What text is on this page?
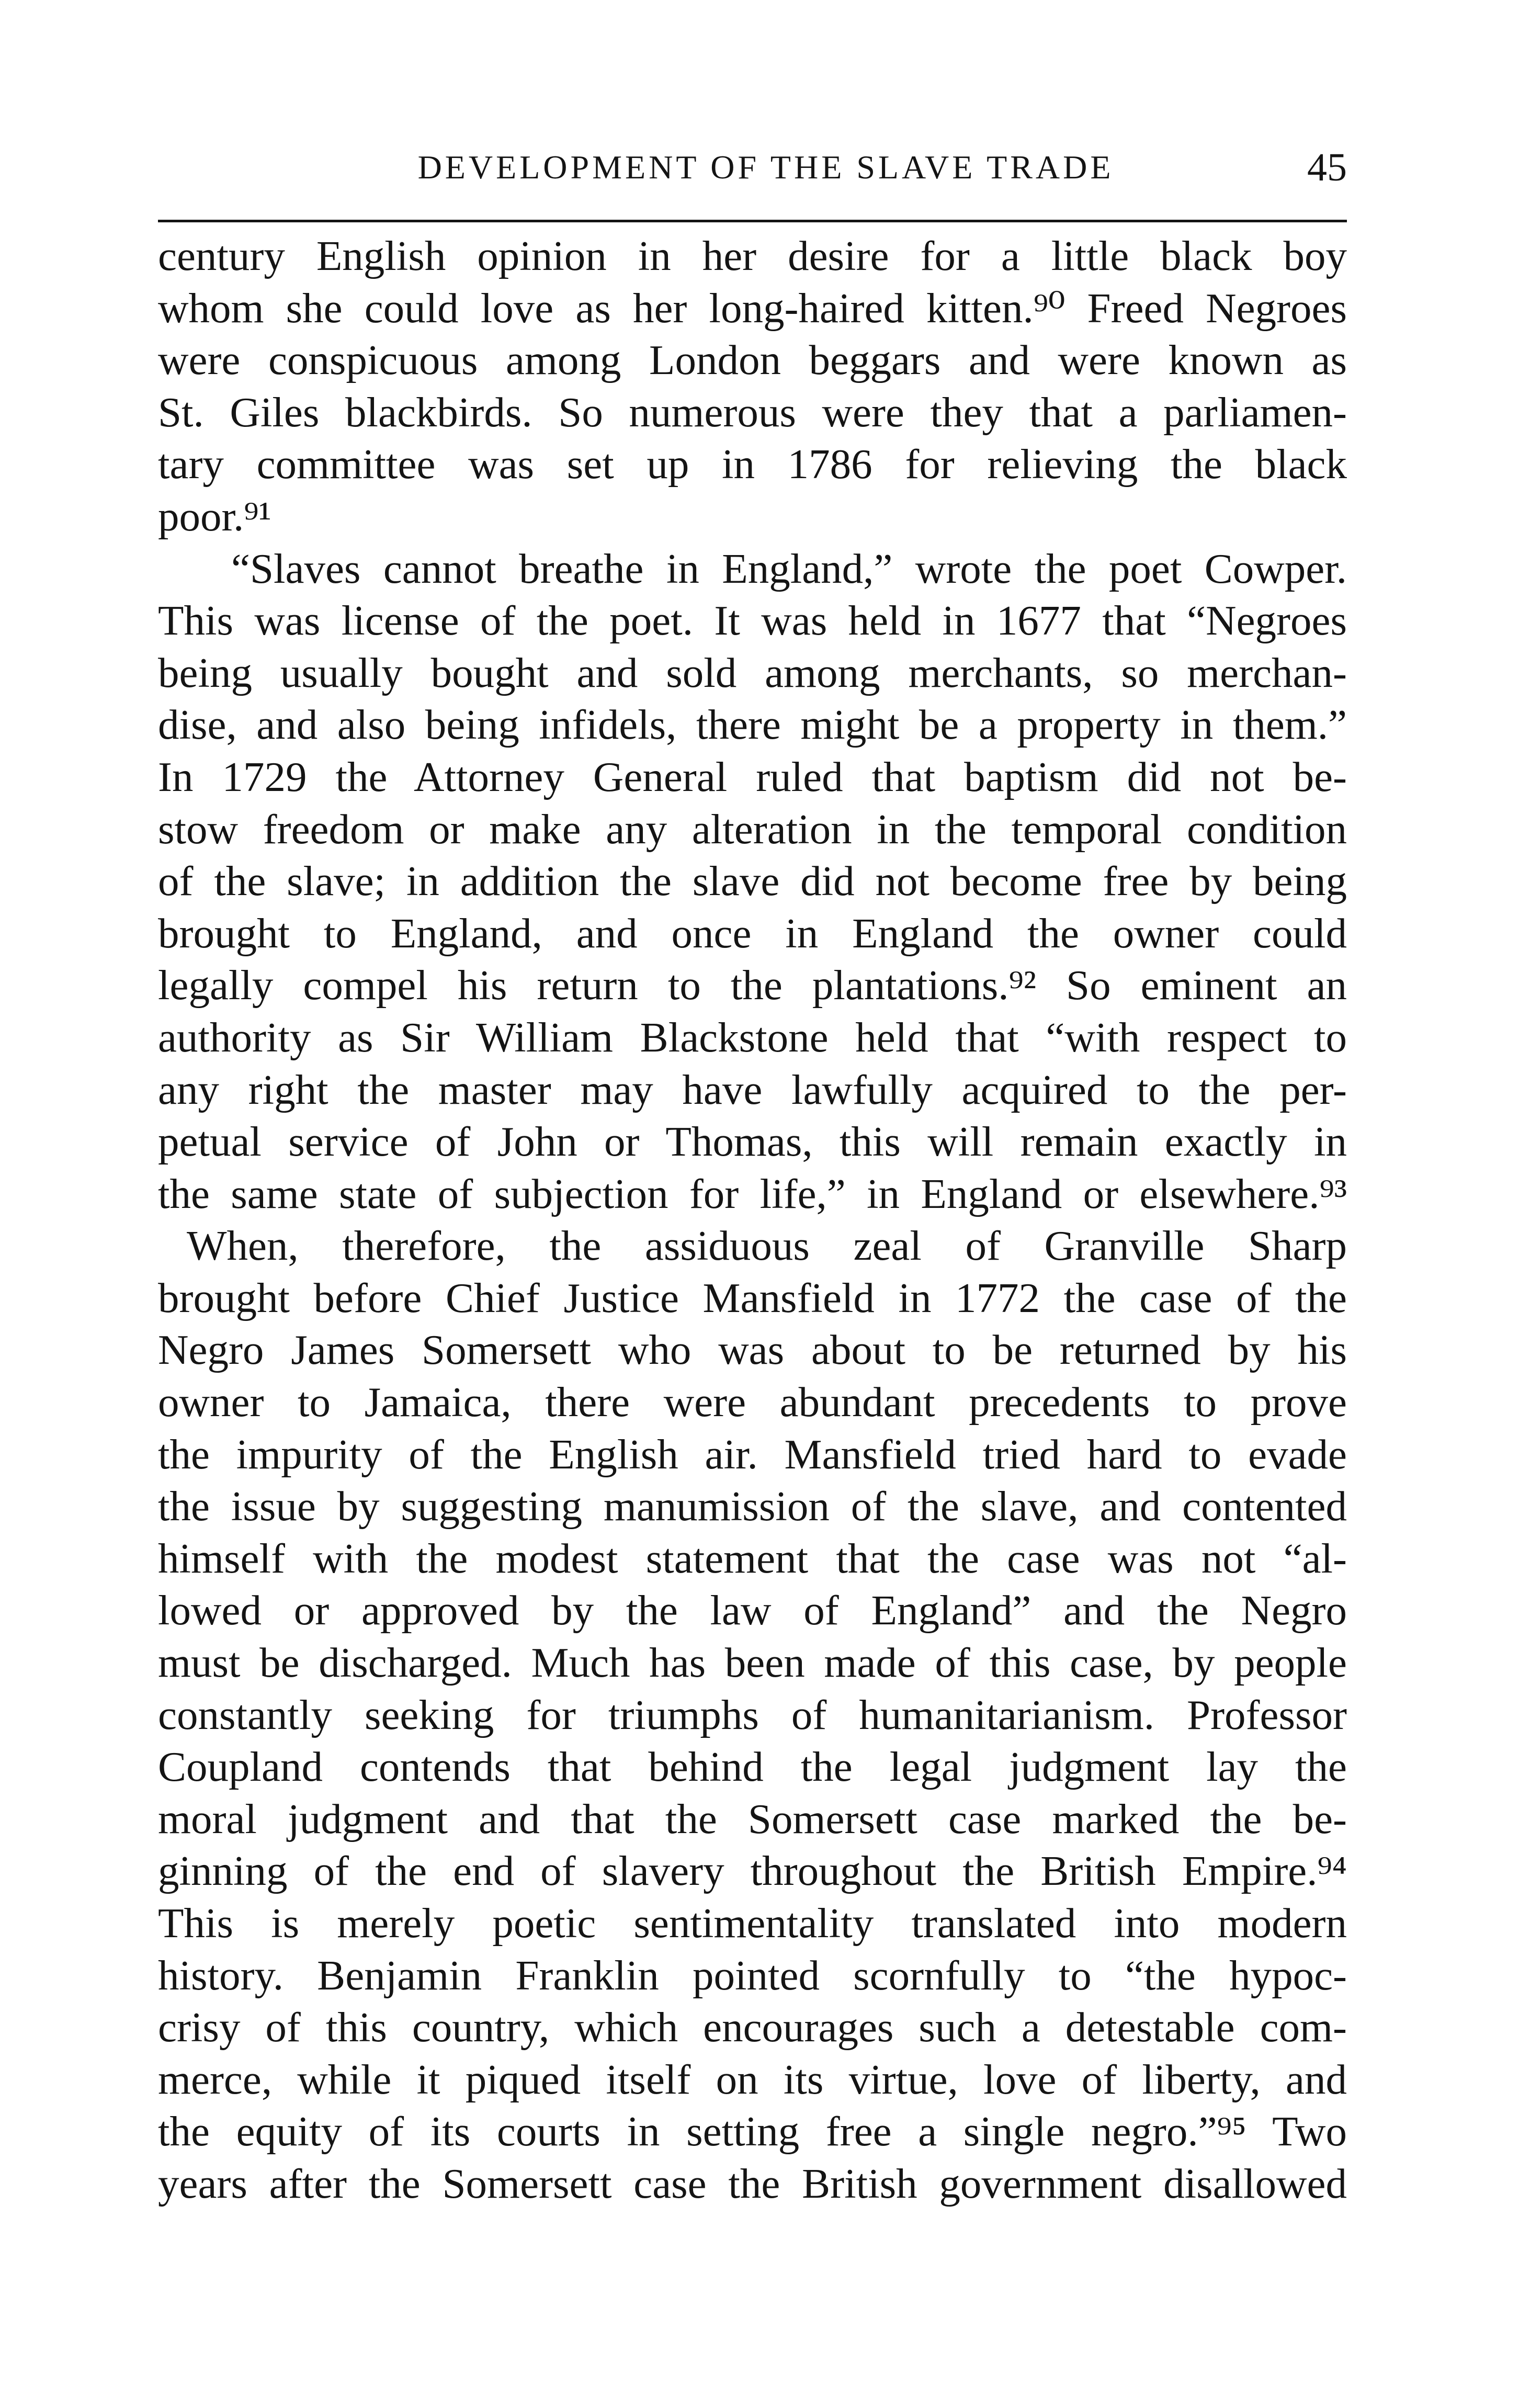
DEVELOPMENT OF THE SLAVE TRADE	45
century English opinion in her desire for a little black boy
whom she could love as her long-haired kitten.⁹⁰ Freed Negroes
were conspicuous among London beggars and were known as
St. Giles blackbirds. So numerous were they that a parliamen-
tary committee was set up in 1786 for relieving the black
poor.⁹¹
“Slaves cannot breathe in England,” wrote the poet Cowper.
This was license of the poet. It was held in 1677 that “Negroes
being usually bought and sold among merchants, so merchan-
dise, and also being infidels, there might be a property in them.”
In 1729 the Attorney General ruled that baptism did not be-
stow freedom or make any alteration in the temporal condition
of the slave; in addition the slave did not become free by being
brought to England, and once in England the owner could
legally compel his return to the plantations.⁹² So eminent an
authority as Sir William Blackstone held that “with respect to
any right the master may have lawfully acquired to the per-
petual service of John or Thomas, this will remain exactly in
the same state of subjection for life,” in England or elsewhere.⁹³
When, therefore, the assiduous zeal of Granville Sharp
brought before Chief Justice Mansfield in 1772 the case of the
Negro James Somersett who was about to be returned by his
owner to Jamaica, there were abundant precedents to prove
the impurity of the English air. Mansfield tried hard to evade
the issue by suggesting manumission of the slave, and contented
himself with the modest statement that the case was not “al-
lowed or approved by the law of England” and the Negro
must be discharged. Much has been made of this case, by people
constantly seeking for triumphs of humanitarianism. Professor
Coupland contends that behind the legal judgment lay the
moral judgment and that the Somersett case marked the be-
ginning of the end of slavery throughout the British Empire.⁹⁴
This is merely poetic sentimentality translated into modern
history. Benjamin Franklin pointed scornfully to “the hypoc-
crisy of this country, which encourages such a detestable com-
merce, while it piqued itself on its virtue, love of liberty, and
the equity of its courts in setting free a single negro.”⁹⁵ Two
years after the Somersett case the British government disallowed
